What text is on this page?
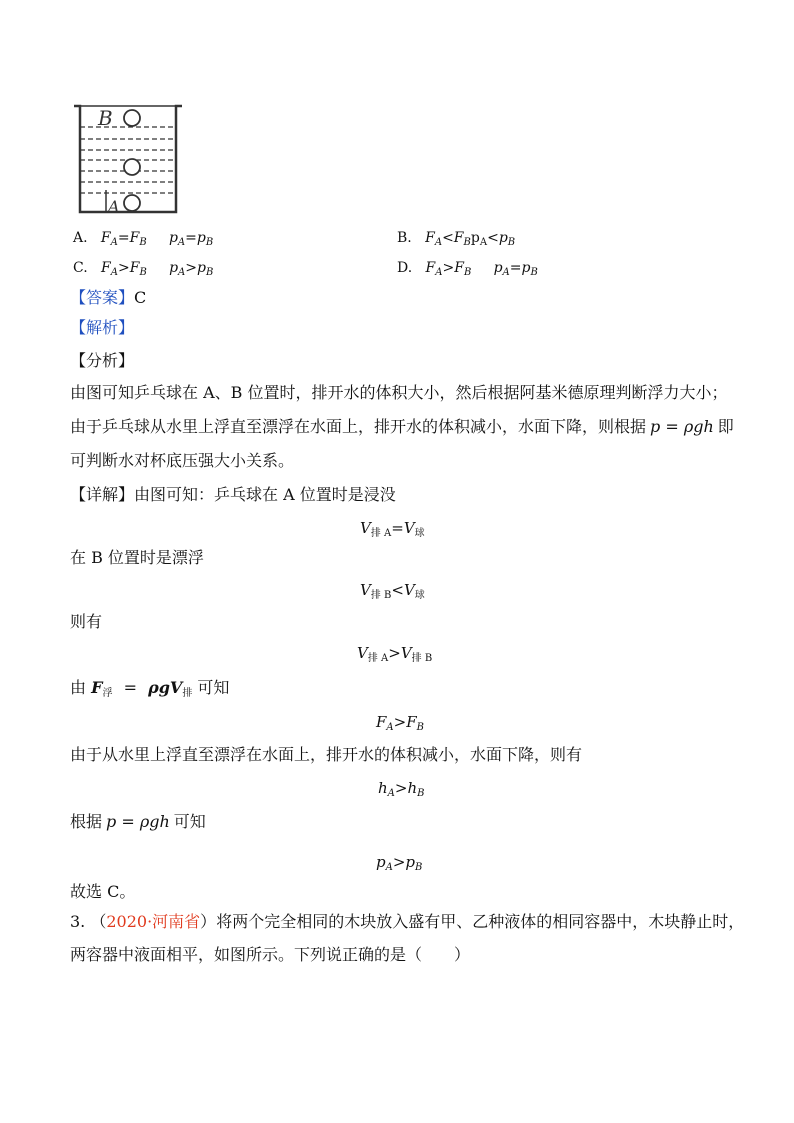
B
A
A. $F_A=F_B$ $p_A=p_B$	B. $F_A<F_Bp_A<p_B$
C. $F_A>F_B$ $p_A>p_B$	D. $F_A>F_B$ $p_A=p_B$
【答案】C
【解析】
【分析】
由图可知乒乓球在 A、B 位置时，排开水的体积大小，然后根据阿基米德原理判断浮力大小；
由于乒乓球从水里上浮直至漂浮在水面上，排开水的体积减小，水面下降，则根据 p = ρgh 即
可判断水对杯底压强大小关系。
【详解】由图可知：乒乓球在 A 位置时是浸没
$V_{排 A}=V_球$
在 B 位置时是漂浮
$V_{排 B}<V_球$
则有
$V_{排 A}>V_{排 B}$
由 $F_浮 = \rho gV_排$ 可知
$F_A>F_B$
由于从水里上浮直至漂浮在水面上，排开水的体积减小，水面下降，则有
$h_A>h_B$
根据 p = ρgh 可知
$p_A>p_B$
故选 C。
3. （2020·河南省）将两个完全相同的木块放入盛有甲、乙种液体的相同容器中，木块静止时，
两容器中液面相平，如图所示。下列说正确的是（　　）
